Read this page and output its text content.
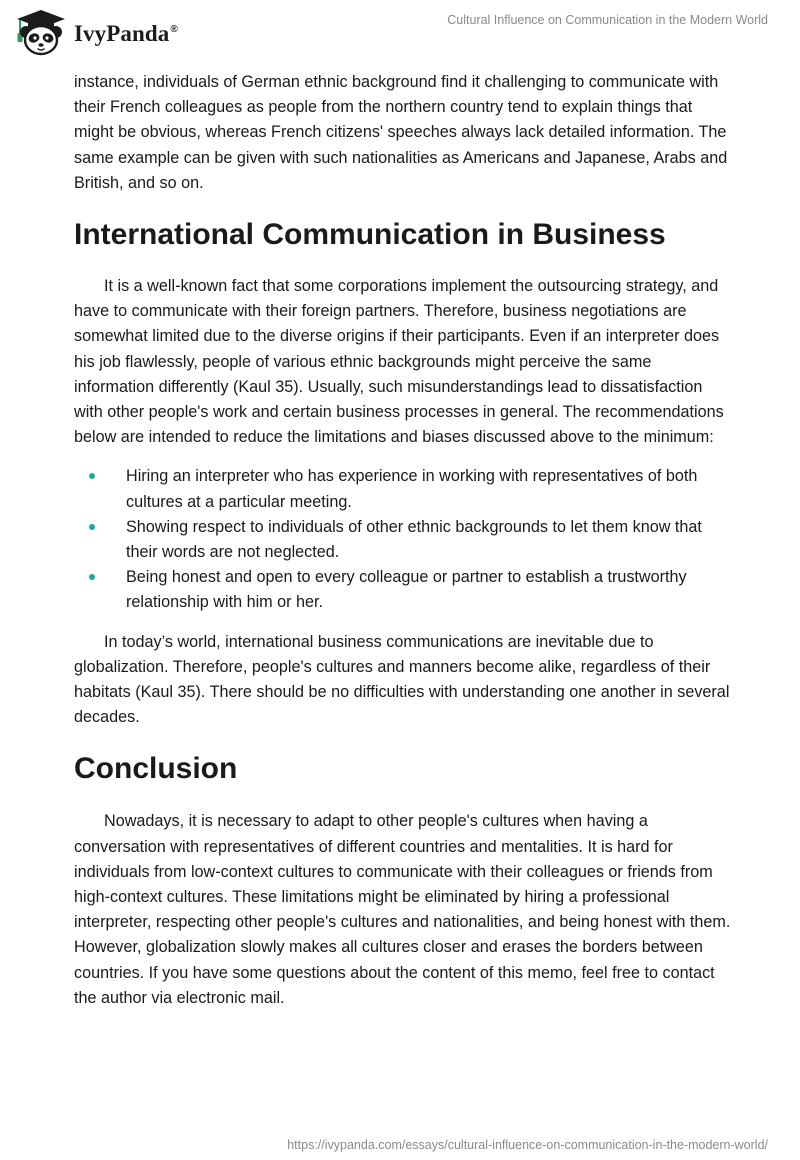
IvyPanda®
Cultural Influence on Communication in the Modern World

instance, individuals of German ethnic background find it challenging to communicate with their French colleagues as people from the northern country tend to explain things that might be obvious, whereas French citizens' speeches always lack detailed information. The same example can be given with such nationalities as Americans and Japanese, Arabs and British, and so on.

International Communication in Business

It is a well-known fact that some corporations implement the outsourcing strategy, and have to communicate with their foreign partners. Therefore, business negotiations are somewhat limited due to the diverse origins if their participants. Even if an interpreter does his job flawlessly, people of various ethnic backgrounds might perceive the same information differently (Kaul 35). Usually, such misunderstandings lead to dissatisfaction with other people's work and certain business processes in general. The recommendations below are intended to reduce the limitations and biases discussed above to the minimum:

Hiring an interpreter who has experience in working with representatives of both cultures at a particular meeting.
Showing respect to individuals of other ethnic backgrounds to let them know that their words are not neglected.
Being honest and open to every colleague or partner to establish a trustworthy relationship with him or her.

In today’s world, international business communications are inevitable due to globalization. Therefore, people's cultures and manners become alike, regardless of their habitats (Kaul 35). There should be no difficulties with understanding one another in several decades.

Conclusion

Nowadays, it is necessary to adapt to other people's cultures when having a conversation with representatives of different countries and mentalities. It is hard for individuals from low-context cultures to communicate with their colleagues or friends from high-context cultures. These limitations might be eliminated by hiring a professional interpreter, respecting other people's cultures and nationalities, and being honest with them. However, globalization slowly makes all cultures closer and erases the borders between countries. If you have some questions about the content of this memo, feel free to contact the author via electronic mail.

https://ivypanda.com/essays/cultural-influence-on-communication-in-the-modern-world/
